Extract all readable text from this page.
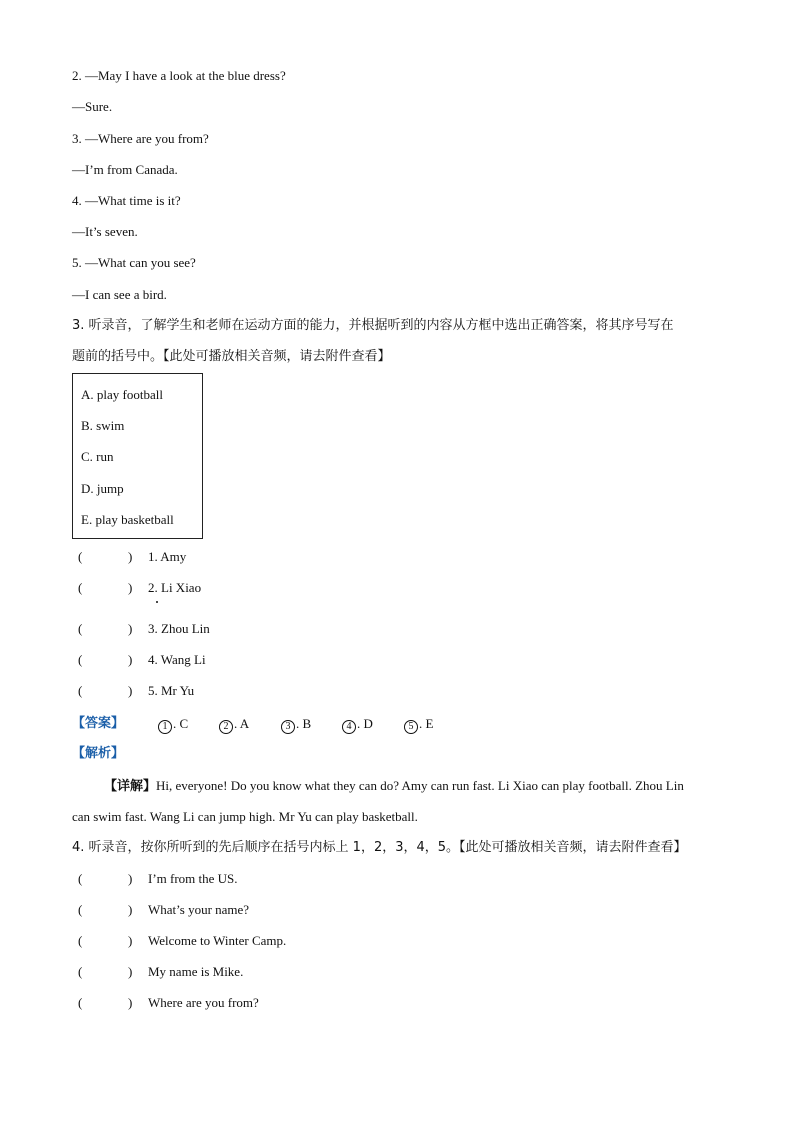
2. —May I have a look at the blue dress?
—Sure.
3. —Where are you from?
—I’m from Canada.
4. —What time is it?
—It’s seven.
5. —What can you see?
—I can see a bird.
3. 听录音，了解学生和老师在运动方面的能力，并根据听到的内容从方框中选出正确答案，将其序号写在
题前的括号中。【此处可播放相关音频，请去附件查看】
A. play football
B. swim
C. run
D. jump
E. play basketball
(	) 1. Amy
(	) 2. Li Xiao
(	) 3. Zhou Lin
(	) 4. Wang Li
(	) 5. Mr Yu
【答案】	1 . C	2 . A	3 . B	4 . D	5 . E
【解析】
【详解】Hi, everyone! Do you know what they can do? Amy can run fast. Li Xiao can play football. Zhou Lin
can swim fast. Wang Li can jump high. Mr Yu can play basketball.
4. 听录音，按你所听到的先后顺序在括号内标上 1，2，3，4，5。【此处可播放相关音频，请去附件查看】
(	) I’m from the US.
(	) What’s your name?
(	) Welcome to Winter Camp.
(	) My name is Mike.
(	) Where are you from?
